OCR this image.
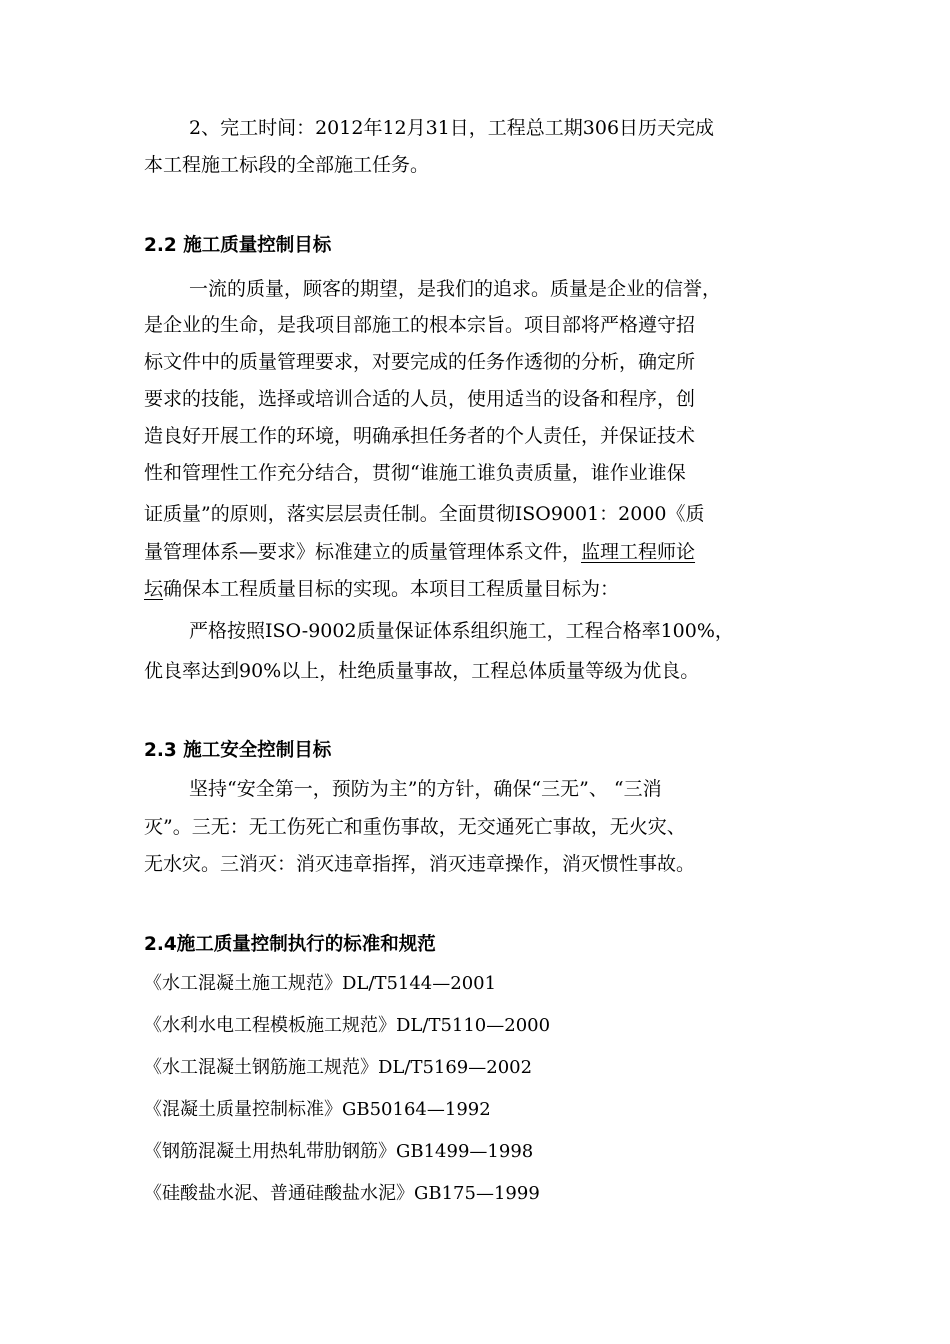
2、完工时间：2012年12月31日，工程总工期306日历天完成
本工程施工标段的全部施工任务。
2.2 施工质量控制目标
一流的质量，顾客的期望，是我们的追求。质量是企业的信誉，
是企业的生命，是我项目部施工的根本宗旨。项目部将严格遵守招
标文件中的质量管理要求，对要完成的任务作透彻的分析，确定所
要求的技能，选择或培训合适的人员，使用适当的设备和程序，创
造良好开展工作的环境，明确承担任务者的个人责任，并保证技术
性和管理性工作充分结合，贯彻“谁施工谁负责质量，谁作业谁保
证质量”的原则，落实层层责任制。全面贯彻ISO9001：2000《质
量管理体系—要求》标准建立的质量管理体系文件，监理工程师论
坛确保本工程质量目标的实现。本项目工程质量目标为：
严格按照ISO-9002质量保证体系组织施工，工程合格率100%，
优良率达到90%以上，杜绝质量事故，工程总体质量等级为优良。
2.3 施工安全控制目标
坚持“安全第一，预防为主”的方针，确保“三无”、 “三消
灭”。三无：无工伤死亡和重伤事故，无交通死亡事故，无火灾、
无水灾。三消灭：消灭违章指挥，消灭违章操作，消灭惯性事故。
2.4施工质量控制执行的标准和规范
《水工混凝土施工规范》DL/T5144—2001
《水利水电工程模板施工规范》DL/T5110—2000
《水工混凝土钢筋施工规范》DL/T5169—2002
《混凝土质量控制标准》GB50164—1992
《钢筋混凝土用热轧带肋钢筋》GB1499—1998
《硅酸盐水泥、普通硅酸盐水泥》GB175—1999
